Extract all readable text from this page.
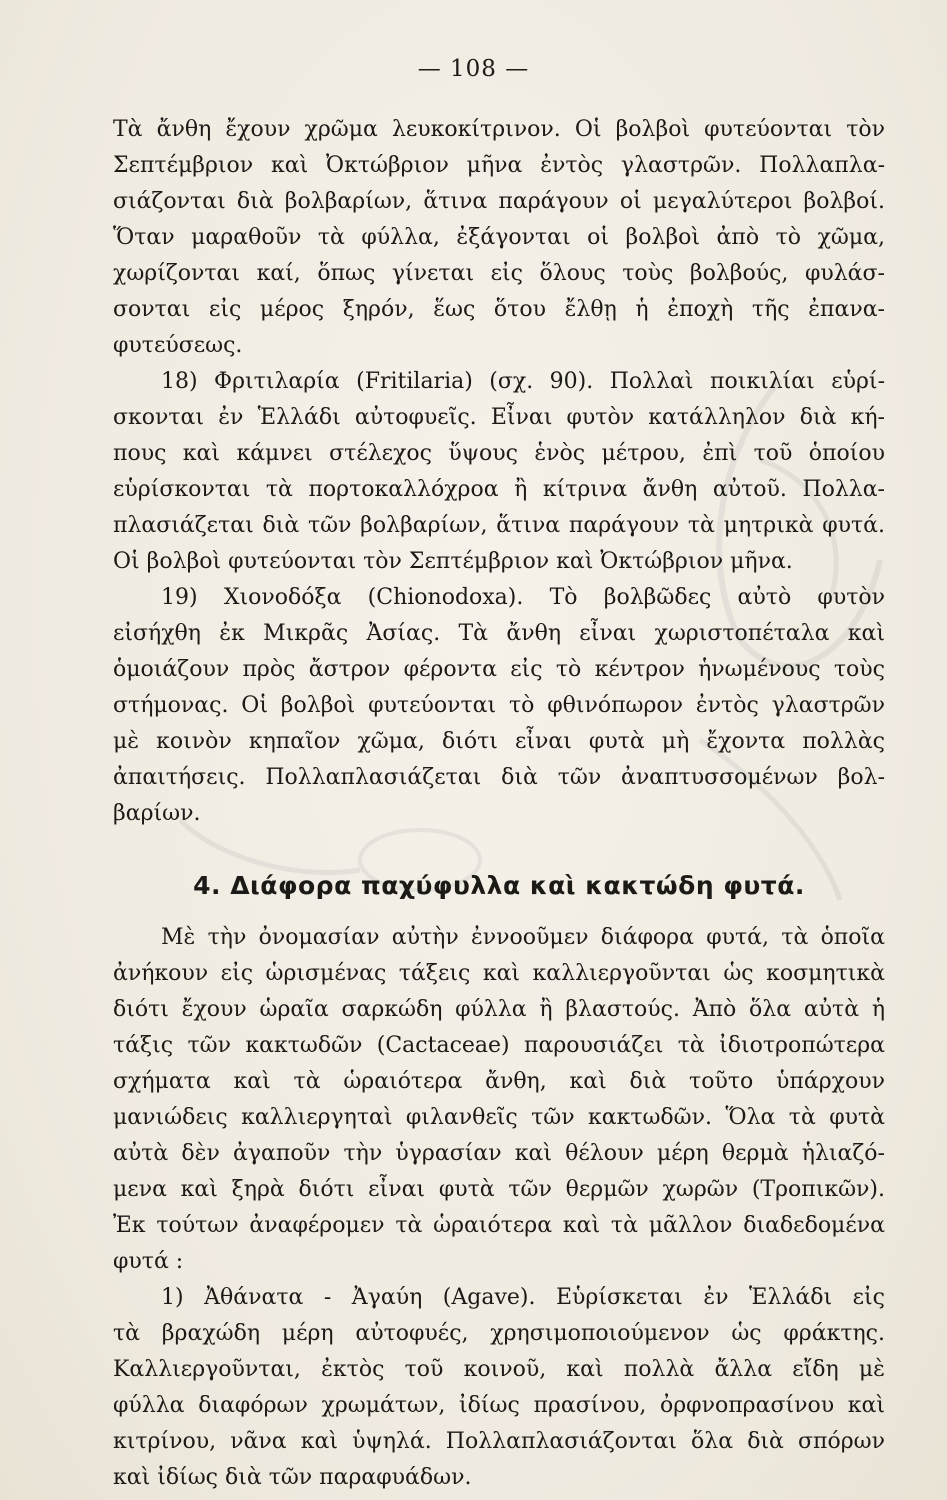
— 108 —
Τὰ ἄνθη ἔχουν χρῶμα λευκοκίτρινον. Οἱ βολβοὶ φυτεύονται τὸν
Σεπτέμβριον καὶ Ὀκτώβριον μῆνα ἐντὸς γλαστρῶν. Πολλαπλα-
σιάζονται διὰ βολβαρίων, ἅτινα παράγουν οἱ μεγαλύτεροι βολβοί.
Ὅταν μαραθοῦν τὰ φύλλα, ἐξάγονται οἱ βολβοὶ ἀπὸ τὸ χῶμα,
χωρίζονται καί, ὅπως γίνεται εἰς ὅλους τοὺς βολβούς, φυλάσ-
σονται εἰς μέρος ξηρόν, ἕως ὅτου ἔλθῃ ἡ ἐποχὴ τῆς ἐπανα-
φυτεύσεως.
18) Φριτιλαρία (Fritilaria) (σχ. 90). Πολλαὶ ποικιλίαι εὑρί-
σκονται ἐν Ἑλλάδι αὐτοφυεῖς. Εἶναι φυτὸν κατάλληλον διὰ κή-
πους καὶ κάμνει στέλεχος ὕψους ἑνὸς μέτρου, ἐπὶ τοῦ ὁποίου
εὑρίσκονται τὰ πορτοκαλλόχροα ἢ κίτρινα ἄνθη αὐτοῦ. Πολλα-
πλασιάζεται διὰ τῶν βολβαρίων, ἅτινα παράγουν τὰ μητρικὰ φυτά.
Οἱ βολβοὶ φυτεύονται τὸν Σεπτέμβριον καὶ Ὀκτώβριον μῆνα.
19) Χιονοδόξα (Chionodoxa). Τὸ βολβῶδες αὐτὸ φυτὸν
εἰσήχθη ἐκ Μικρᾶς Ἀσίας. Τὰ ἄνθη εἶναι χωριστοπέταλα καὶ
ὁμοιάζουν πρὸς ἄστρον φέροντα εἰς τὸ κέντρον ἡνωμένους τοὺς
στήμονας. Οἱ βολβοὶ φυτεύονται τὸ φθινόπωρον ἐντὸς γλαστρῶν
μὲ κοινὸν κηπαῖον χῶμα, διότι εἶναι φυτὰ μὴ ἔχοντα πολλὰς
ἀπαιτήσεις. Πολλαπλασιάζεται διὰ τῶν ἀναπτυσσομένων βολ-
βαρίων.
4. Διάφορα παχύφυλλα καὶ κακτώδη φυτά.
Μὲ τὴν ὀνομασίαν αὐτὴν ἐννοοῦμεν διάφορα φυτά, τὰ ὁποῖα
ἀνήκουν εἰς ὡρισμένας τάξεις καὶ καλλιεργοῦνται ὡς κοσμητικὰ
διότι ἔχουν ὡραῖα σαρκώδη φύλλα ἢ βλαστούς. Ἀπὸ ὅλα αὐτὰ ἡ
τάξις τῶν κακτωδῶν (Cactaceae) παρουσιάζει τὰ ἰδιοτροπώτερα
σχήματα καὶ τὰ ὡραιότερα ἄνθη, καὶ διὰ τοῦτο ὑπάρχουν
μανιώδεις καλλιεργηταὶ φιλανθεῖς τῶν κακτωδῶν. Ὅλα τὰ φυτὰ
αὐτὰ δὲν ἀγαποῦν τὴν ὑγρασίαν καὶ θέλουν μέρη θερμὰ ἡλιαζό-
μενα καὶ ξηρὰ διότι εἶναι φυτὰ τῶν θερμῶν χωρῶν (Τροπικῶν).
Ἐκ τούτων ἀναφέρομεν τὰ ὡραιότερα καὶ τὰ μᾶλλον διαδεδομένα
φυτά :
1) Ἀθάνατα - Ἀγαύη (Agave). Εὑρίσκεται ἐν Ἑλλάδι εἰς
τὰ βραχώδη μέρη αὐτοφυές, χρησιμοποιούμενον ὡς φράκτης.
Καλλιεργοῦνται, ἐκτὸς τοῦ κοινοῦ, καὶ πολλὰ ἄλλα εἴδη μὲ
φύλλα διαφόρων χρωμάτων, ἰδίως πρασίνου, ὀρφνοπρασίνου καὶ
κιτρίνου, νᾶνα καὶ ὑψηλά. Πολλαπλασιάζονται ὅλα διὰ σπόρων
καὶ ἰδίως διὰ τῶν παραφυάδων.
